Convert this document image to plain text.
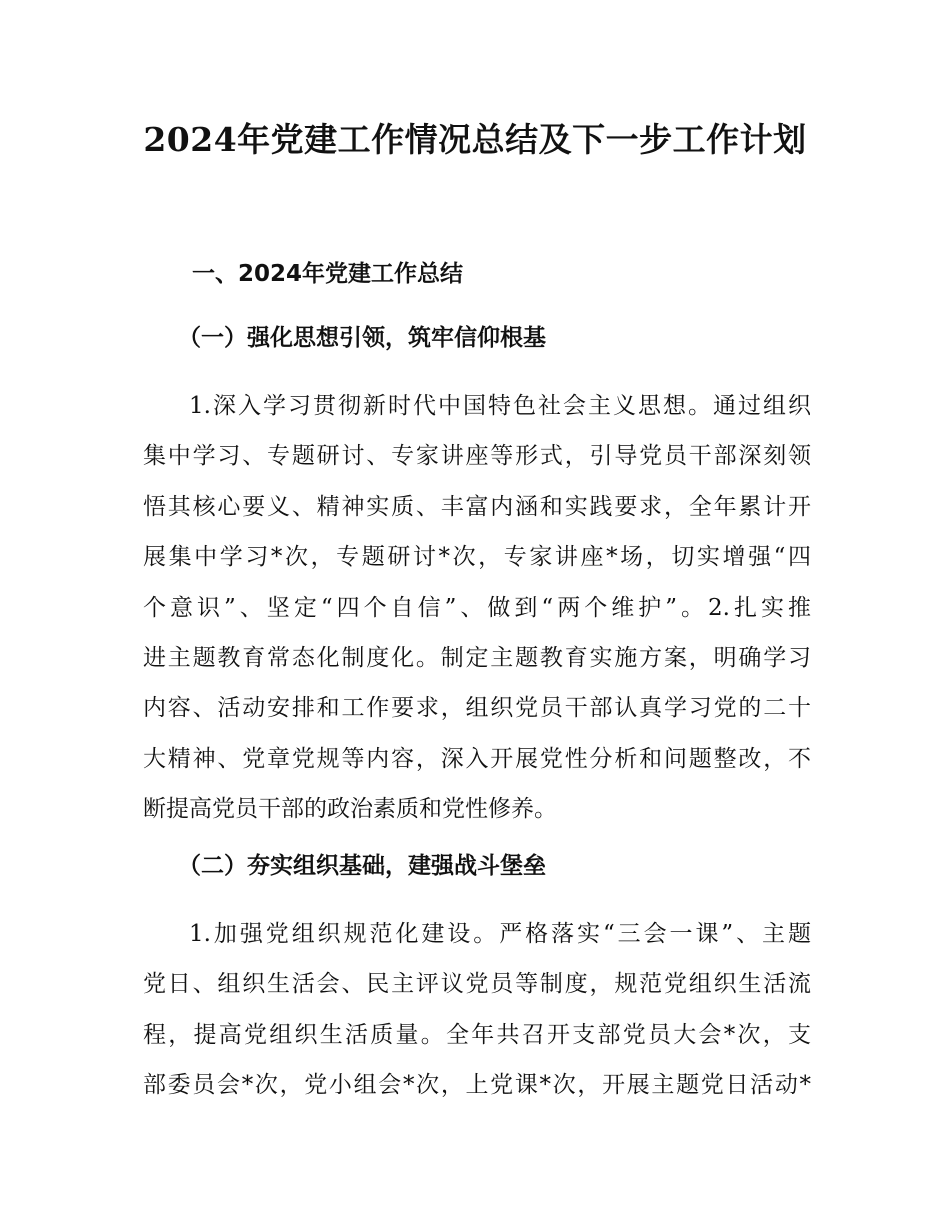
2024年党建工作情况总结及下一步工作计划
一、2024年党建工作总结
（一）强化思想引领，筑牢信仰根基
1.深入学习贯彻新时代中国特色社会主义思想。通过组织
集中学习、专题研讨、专家讲座等形式，引导党员干部深刻领
悟其核心要义、精神实质、丰富内涵和实践要求，全年累计开
展集中学习*次，专题研讨*次，专家讲座*场，切实增强“四
个意识”、坚定“四个自信”、做到“两个维护”。2.扎实推
进主题教育常态化制度化。制定主题教育实施方案，明确学习
内容、活动安排和工作要求，组织党员干部认真学习党的二十
大精神、党章党规等内容，深入开展党性分析和问题整改，不
断提高党员干部的政治素质和党性修养。
（二）夯实组织基础，建强战斗堡垒
1.加强党组织规范化建设。严格落实“三会一课”、主题
党日、组织生活会、民主评议党员等制度，规范党组织生活流
程，提高党组织生活质量。全年共召开支部党员大会*次，支
部委员会*次，党小组会*次，上党课*次，开展主题党日活动*
